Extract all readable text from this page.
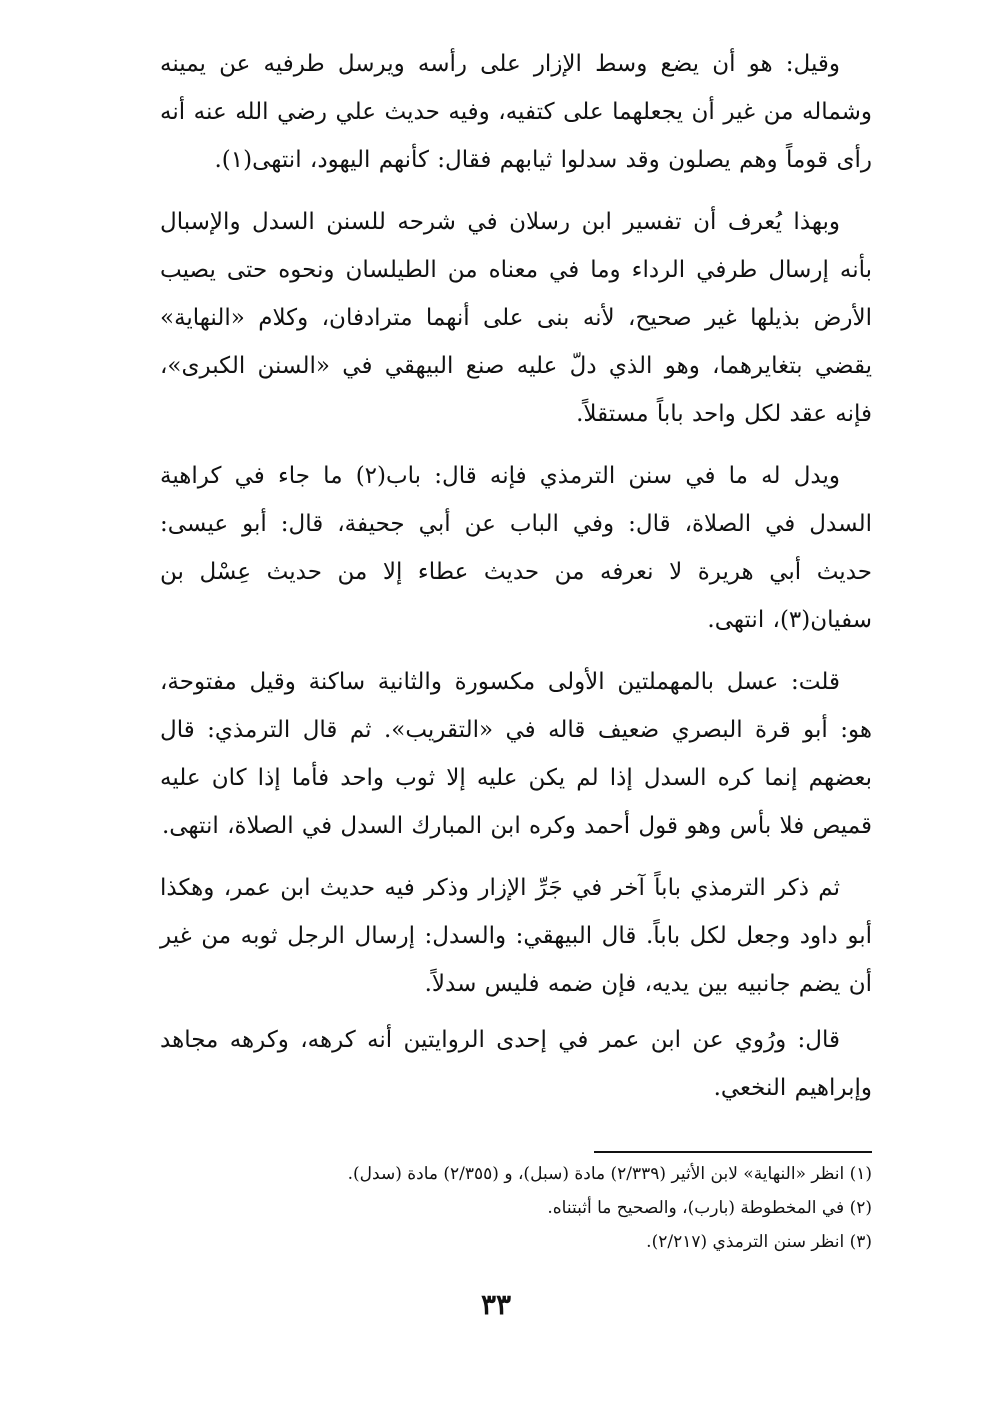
وقيل: هو أن يضع وسط الإزار على رأسه ويرسل طرفيه عن يمينه وشماله من غير أن يجعلهما على كتفيه، وفيه حديث علي رضي الله عنه أنه رأى قوماً وهم يصلون وقد سدلوا ثيابهم فقال: كأنهم اليهود، انتهى(١).

وبهذا يُعرف أن تفسير ابن رسلان في شرحه للسنن السدل والإسبال بأنه إرسال طرفي الرداء وما في معناه من الطيلسان ونحوه حتى يصيب الأرض بذيلها غير صحيح، لأنه بنى على أنهما مترادفان، وكلام «النهاية» يقضي بتغايرهما، وهو الذي دلّ عليه صنع البيهقي في «السنن الكبرى»، فإنه عقد لكل واحد باباً مستقلاً.

ويدل له ما في سنن الترمذي فإنه قال: باب(٢) ما جاء في كراهية السدل في الصلاة، قال: وفي الباب عن أبي جحيفة، قال: أبو عيسى: حديث أبي هريرة لا نعرفه من حديث عطاء إلا من حديث عِسْل بن سفيان(٣)، انتهى.

قلت: عسل بالمهملتين الأولى مكسورة والثانية ساكنة وقيل مفتوحة، هو: أبو قرة البصري ضعيف قاله في «التقريب». ثم قال الترمذي: قال بعضهم إنما كره السدل إذا لم يكن عليه إلا ثوب واحد فأما إذا كان عليه قميص فلا بأس وهو قول أحمد وكره ابن المبارك السدل في الصلاة، انتهى.

ثم ذكر الترمذي باباً آخر في جَرِّ الإزار وذكر فيه حديث ابن عمر، وهكذا أبو داود وجعل لكل باباً. قال البيهقي: والسدل: إرسال الرجل ثوبه من غير أن يضم جانبيه بين يديه، فإن ضمه فليس سدلاً.

قال: ورُوي عن ابن عمر في إحدى الروايتين أنه كرهه، وكرهه مجاهد وإبراهيم النخعي.

(١) انظر «النهاية» لابن الأثير (٢/٣٣٩) مادة (سبل)، و (٢/٣٥٥) مادة (سدل).

(٢) في المخطوطة (بارب)، والصحيح ما أثبتناه.

(٣) انظر سنن الترمذي (٢/٢١٧).

٣٣
